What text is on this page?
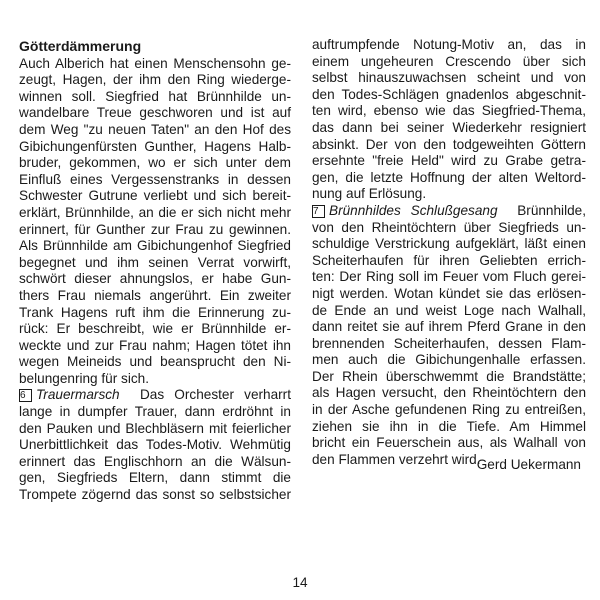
Götterdämmerung
Auch Alberich hat einen Menschensohn ge-
zeugt, Hagen, der ihm den Ring wiederge-
winnen soll. Siegfried hat Brünnhilde un-
wandelbare Treue geschworen und ist auf
dem Weg "zu neuen Taten" an den Hof des
Gibichungenfürsten Gunther, Hagens Halb-
bruder, gekommen, wo er sich unter dem
Einfluß eines Vergessenstranks in dessen
Schwester Gutrune verliebt und sich bereit-
erklärt, Brünnhilde, an die er sich nicht mehr
erinnert, für Gunther zur Frau zu gewinnen.
Als Brünnhilde am Gibichungenhof Siegfried
begegnet und ihm seinen Verrat vorwirft,
schwört dieser ahnungslos, er habe Gun-
thers Frau niemals angerührt. Ein zweiter
Trank Hagens ruft ihm die Erinnerung zu-
rück: Er beschreibt, wie er Brünnhilde er-
weckte und zur Frau nahm; Hagen tötet ihn
wegen Meineids und beansprucht den Ni-
belungenring für sich.
6 Trauermarsch Das Orchester verharrt
lange in dumpfer Trauer, dann erdröhnt in
den Pauken und Blechbläsern mit feierlicher
Unerbittlichkeit das Todes-Motiv. Wehmütig
erinnert das Englischhorn an die Wälsun-
gen, Siegfrieds Eltern, dann stimmt die
Trompete zögernd das sonst so selbstsicher
auftrumpfende Notung-Motiv an, das in
einem ungeheuren Crescendo über sich
selbst hinauszuwachsen scheint und von
den Todes-Schlägen gnadenlos abgeschnit-
ten wird, ebenso wie das Siegfried-Thema,
das dann bei seiner Wiederkehr resigniert
absinkt. Der von den todgeweihten Göttern
ersehnte "freie Held" wird zu Grabe getra-
gen, die letzte Hoffnung der alten Weltord-
nung auf Erlösung.
7 Brünnhildes Schlußgesang Brünnhilde,
von den Rheintöchtern über Siegfrieds un-
schuldige Verstrickung aufgeklärt, läßt einen
Scheiterhaufen für ihren Geliebten errich-
ten: Der Ring soll im Feuer vom Fluch gerei-
nigt werden. Wotan kündet sie das erlösen-
de Ende an und weist Loge nach Walhall,
dann reitet sie auf ihrem Pferd Grane in den
brennenden Scheiterhaufen, dessen Flam-
men auch die Gibichungenhalle erfassen.
Der Rhein überschwemmt die Brandstätte;
als Hagen versucht, den Rheintöchtern den
in der Asche gefundenen Ring zu entreißen,
ziehen sie ihn in die Tiefe. Am Himmel
bricht ein Feuerschein aus, als Walhall von
den Flammen verzehrt wird.
Gerd Uekermann
14
